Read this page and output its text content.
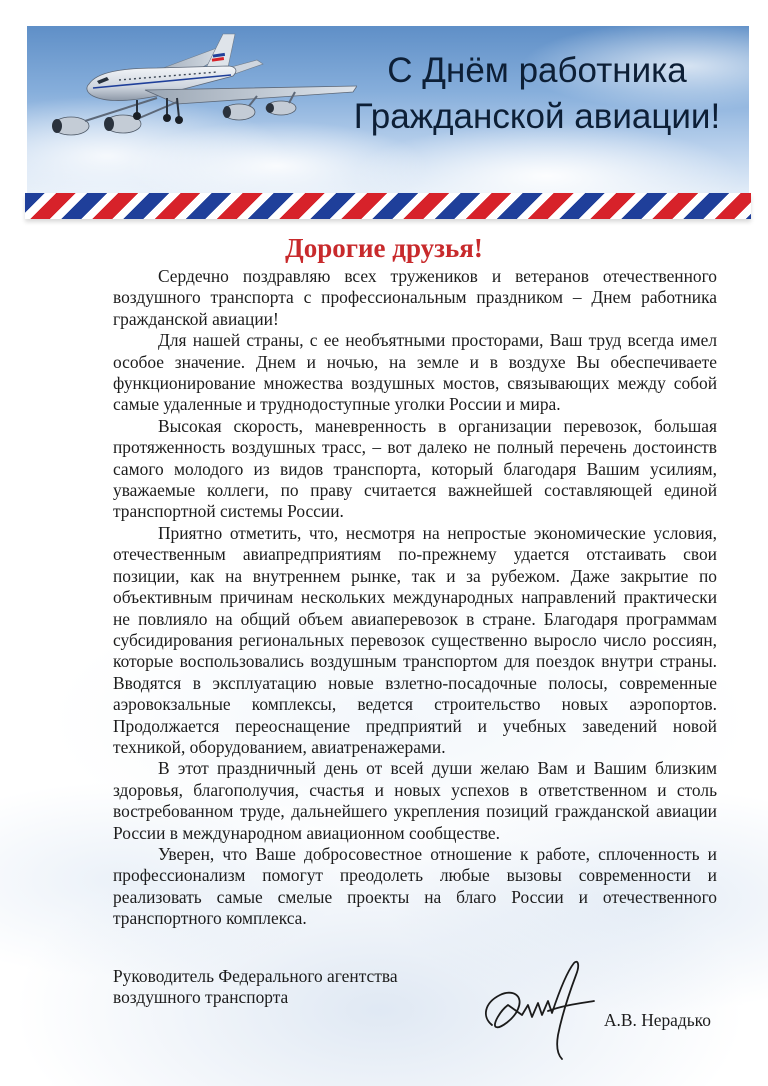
С Днём работника
Гражданской авиации!
Дорогие друзья!

Сердечно поздравляю всех тружеников и ветеранов отечественного воздушного транспорта с профессиональным праздником – Днем работника гражданской авиации!

Для нашей страны, с ее необъятными просторами, Ваш труд всегда имел особое значение. Днем и ночью, на земле и в воздухе Вы обеспечиваете функционирование множества воздушных мостов, связывающих между собой самые удаленные и труднодоступные уголки России и мира.

Высокая скорость, маневренность в организации перевозок, большая протяженность воздушных трасс, – вот далеко не полный перечень достоинств самого молодого из видов транспорта, который благодаря Вашим усилиям, уважаемые коллеги, по праву считается важнейшей составляющей единой транспортной системы России.

Приятно отметить, что, несмотря на непростые экономические условия, отечественным авиапредприятиям по-прежнему удается отстаивать свои позиции, как на внутреннем рынке, так и за рубежом. Даже закрытие по объективным причинам нескольких международных направлений практически не повлияло на общий объем авиаперевозок в стране. Благодаря программам субсидирования региональных перевозок существенно выросло число россиян, которые воспользовались воздушным транспортом для поездок внутри страны. Вводятся в эксплуатацию новые взлетно-посадочные полосы, современные аэровокзальные комплексы, ведется строительство новых аэропортов. Продолжается переоснащение предприятий и учебных заведений новой техникой, оборудованием, авиатренажерами.

В этот праздничный день от всей души желаю Вам и Вашим близким здоровья, благополучия, счастья и новых успехов в ответственном и столь востребованном труде, дальнейшего укрепления позиций гражданской авиации России в международном авиационном сообществе.

Уверен, что Ваше добросовестное отношение к работе, сплоченность и профессионализм помогут преодолеть любые вызовы современности и реализовать самые смелые проекты на благо России и отечественного транспортного комплекса.

Руководитель Федерального агентства
воздушного транспорта
А.В. Нерадько
